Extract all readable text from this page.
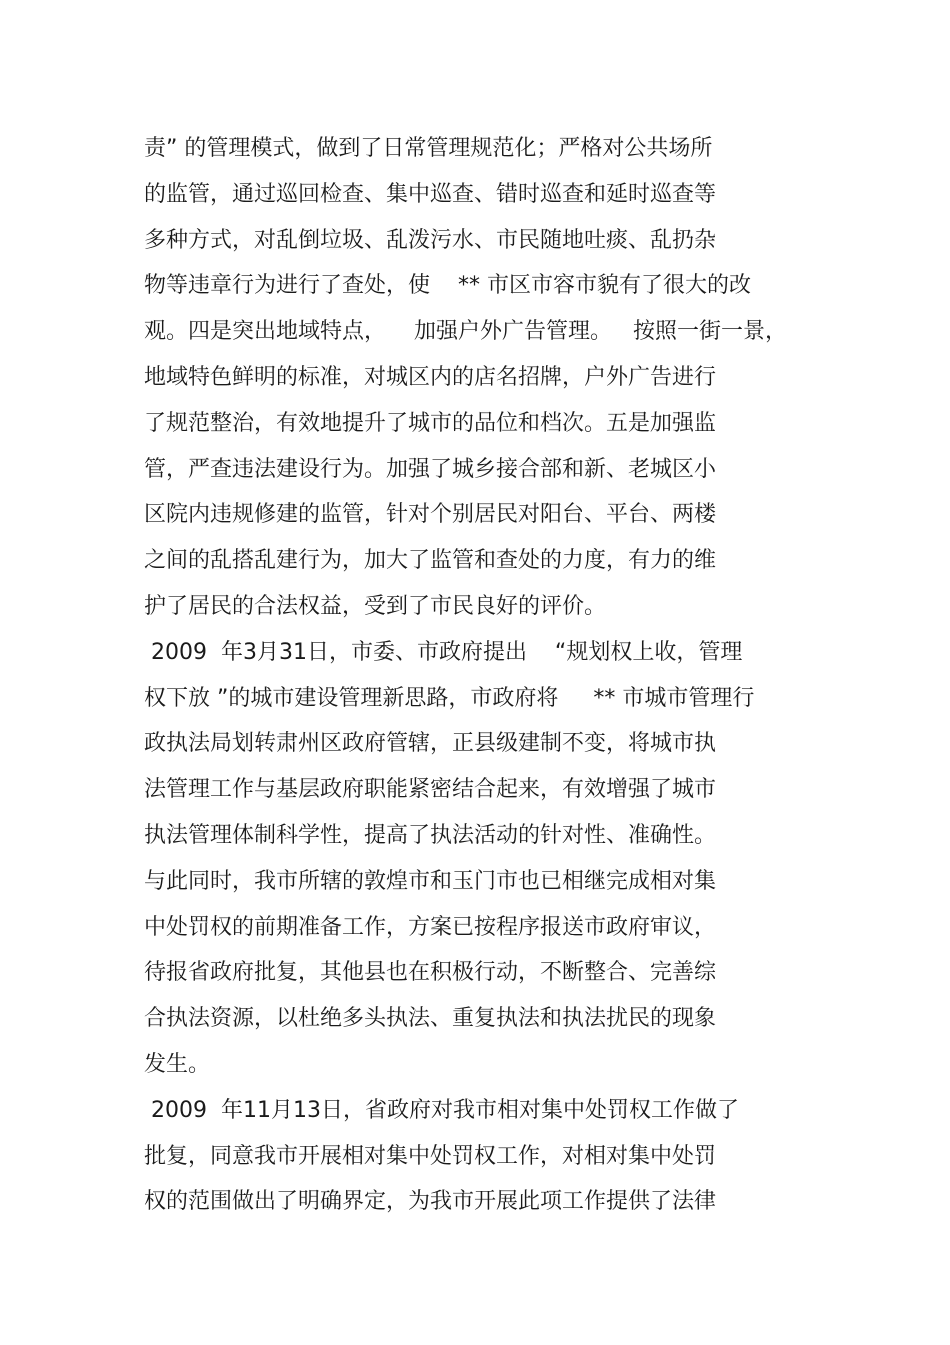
责” 的管理模式，做到了日常管理规范化；严格对公共场所

的监管，通过巡回检查、集中巡查、错时巡查和延时巡查等

多种方式，对乱倒垃圾、乱泼污水、市民随地吐痰、乱扔杂

物等违章行为进行了查处，使    ** 市区市容市貌有了很大的改

观。四是突出地域特点，    加强户外广告管理。   按照一街一景，

地域特色鲜明的标准，对城区内的店名招牌，户外广告进行

了规范整治，有效地提升了城市的品位和档次。五是加强监

管，严查违法建设行为。加强了城乡接合部和新、老城区小

区院内违规修建的监管，针对个别居民对阳台、平台、两楼

之间的乱搭乱建行为，加大了监管和查处的力度，有力的维

护了居民的合法权益，受到了市民良好的评价。

2009  年3月31日，市委、市政府提出    “规划权上收，管理

权下放 ”的城市建设管理新思路，市政府将     ** 市城市管理行

政执法局划转肃州区政府管辖，正县级建制不变，将城市执

法管理工作与基层政府职能紧密结合起来，有效增强了城市

执法管理体制科学性，提高了执法活动的针对性、准确性。

与此同时，我市所辖的敦煌市和玉门市也已相继完成相对集

中处罚权的前期准备工作，方案已按程序报送市政府审议，

待报省政府批复，其他县也在积极行动，不断整合、完善综

合执法资源，以杜绝多头执法、重复执法和执法扰民的现象

发生。

2009  年11月13日，省政府对我市相对集中处罚权工作做了

批复，同意我市开展相对集中处罚权工作，对相对集中处罚

权的范围做出了明确界定，为我市开展此项工作提供了法律
